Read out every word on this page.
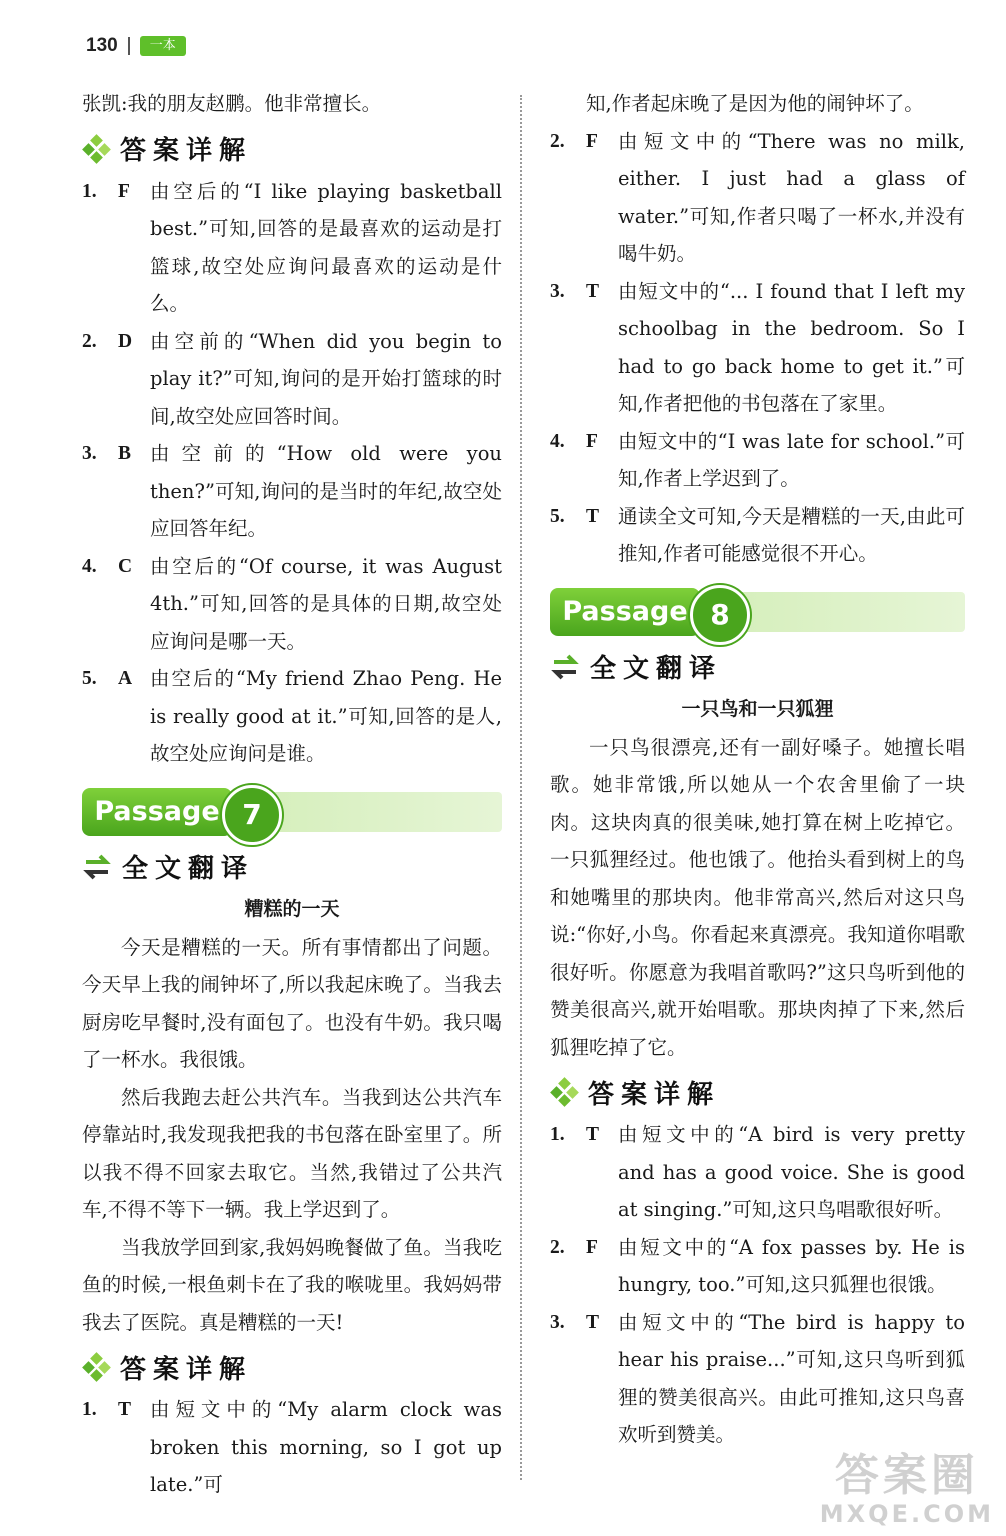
130	一本

张凯:我的朋友赵鹏。他非常擅长。

答案详解
1.	F	由空后的“I like playing basketball best.”可知,回答的是最喜欢的运动是打篮球,故空处应询问最喜欢的运动是什么。
2.	D 由空前的“When did you begin to play it?”可知,询问的是开始打篮球的时间,故空处应回答时间。
3.	B 由空前的“How old were you then?”可知,询问的是当时的年纪,故空处应回答年纪。
4.	C 由空后的“Of course, it was August 4th.”可知,回答的是具体的日期,故空处应询问是哪一天。
5.	A 由空后的“My friend Zhao Peng. He is really good at it.”可知,回答的是人,故空处应询问是谁。
Passage 7
全文翻译
糟糕的一天

今天是糟糕的一天。所有事情都出了问题。今天早上我的闹钟坏了,所以我起床晚了。当我去厨房吃早餐时,没有面包了。也没有牛奶。我只喝了一杯水。我很饿。

然后我跑去赶公共汽车。当我到达公共汽车停靠站时,我发现我把我的书包落在卧室里了。所以我不得不回家去取它。当然,我错过了公共汽车,不得不等下一辆。我上学迟到了。

当我放学回到家,我妈妈晚餐做了鱼。当我吃鱼的时候,一根鱼刺卡在了我的喉咙里。我妈妈带我去了医院。真是糟糕的一天!

答案详解
1.	T 由短文中的“My alarm clock was broken this morning, so I got up late.”可
知,作者起床晚了是因为他的闹钟坏了。
2.	F	由短文中的“There was no milk, either. I just had a glass of water.”可知,作者只喝了一杯水,并没有喝牛奶。
3.	T 由短文中的“... I found that I left my schoolbag in the bedroom. So I had to go back home to get it.”可知,作者把他的书包落在了家里。
4.	F	由短文中的“I was late for school.”可知,作者上学迟到了。
5.	T 通读全文可知,今天是糟糕的一天,由此可推知,作者可能感觉很不开心。
Passage 8
全文翻译
一只鸟和一只狐狸

一只鸟很漂亮,还有一副好嗓子。她擅长唱歌。她非常饿,所以她从一个农舍里偷了一块肉。这块肉真的很美味,她打算在树上吃掉它。一只狐狸经过。他也饿了。他抬头看到树上的鸟和她嘴里的那块肉。他非常高兴,然后对这只鸟说:“你好,小鸟。你看起来真漂亮。我知道你唱歌很好听。你愿意为我唱首歌吗?”这只鸟听到他的赞美很高兴,就开始唱歌。那块肉掉了下来,然后狐狸吃掉了它。

答案详解
1.	T 由短文中的“A bird is very pretty and has a good voice. She is good at singing.”可知,这只鸟唱歌很好听。
2.	F	由短文中的“A fox passes by. He is hungry, too.”可知,这只狐狸也很饿。
3.	T 由短文中的“The bird is happy to hear his praise...”可知,这只鸟听到狐狸的赞美很高兴。由此可推知,这只鸟喜欢听到赞美。
答案圈
MXQE.COM
